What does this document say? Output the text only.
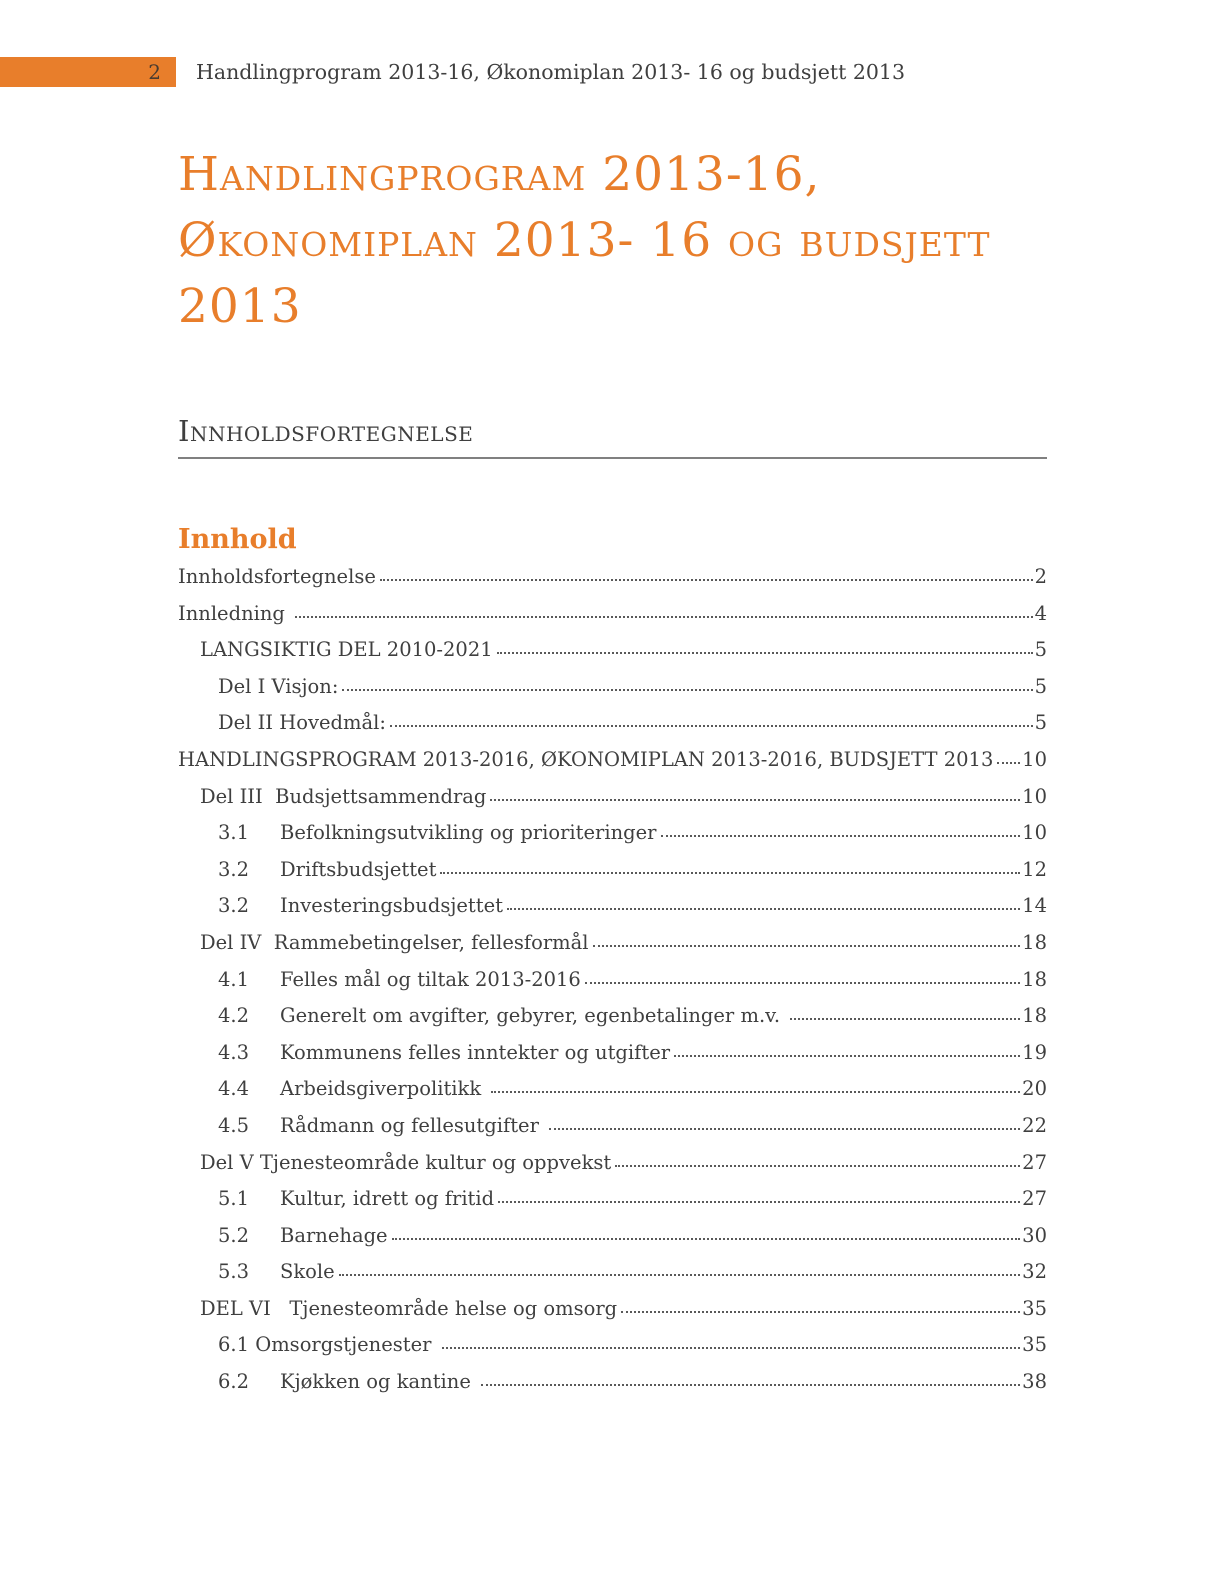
2 Handlingprogram 2013-16, Økonomiplan 2013- 16 og budsjett 2013
Handlingprogram 2013-16,
Økonomiplan 2013- 16 og budsjett
2013
Innholdsfortegnelse
Innhold
Innholdsfortegnelse	2
Innledning	4
LANGSIKTIG DEL 2010-2021	5
Del I Visjon:	5
Del II Hovedmål:	5
HANDLINGSPROGRAM 2013-2016, ØKONOMIPLAN 2013-2016, BUDSJETT 2013 10
Del III  Budsjettsammendrag	10
3.1     Befolkningsutvikling og prioriteringer	10
3.2     Driftsbudsjettet	12
3.2     Investeringsbudsjettet	14
Del IV  Rammebetingelser, fellesformål	18
4.1     Felles mål og tiltak 2013-2016	18
4.2     Generelt om avgifter, gebyrer, egenbetalinger m.v.	18
4.3     Kommunens felles inntekter og utgifter	19
4.4     Arbeidsgiverpolitikk	20
4.5     Rådmann og fellesutgifter	22
Del V Tjenesteområde kultur og oppvekst	27
5.1     Kultur, idrett og fritid	27
5.2     Barnehage	30
5.3     Skole	32
DEL VI   Tjenesteområde helse og omsorg	35
6.1 Omsorgstjenester	35
6.2     Kjøkken og kantine	38
